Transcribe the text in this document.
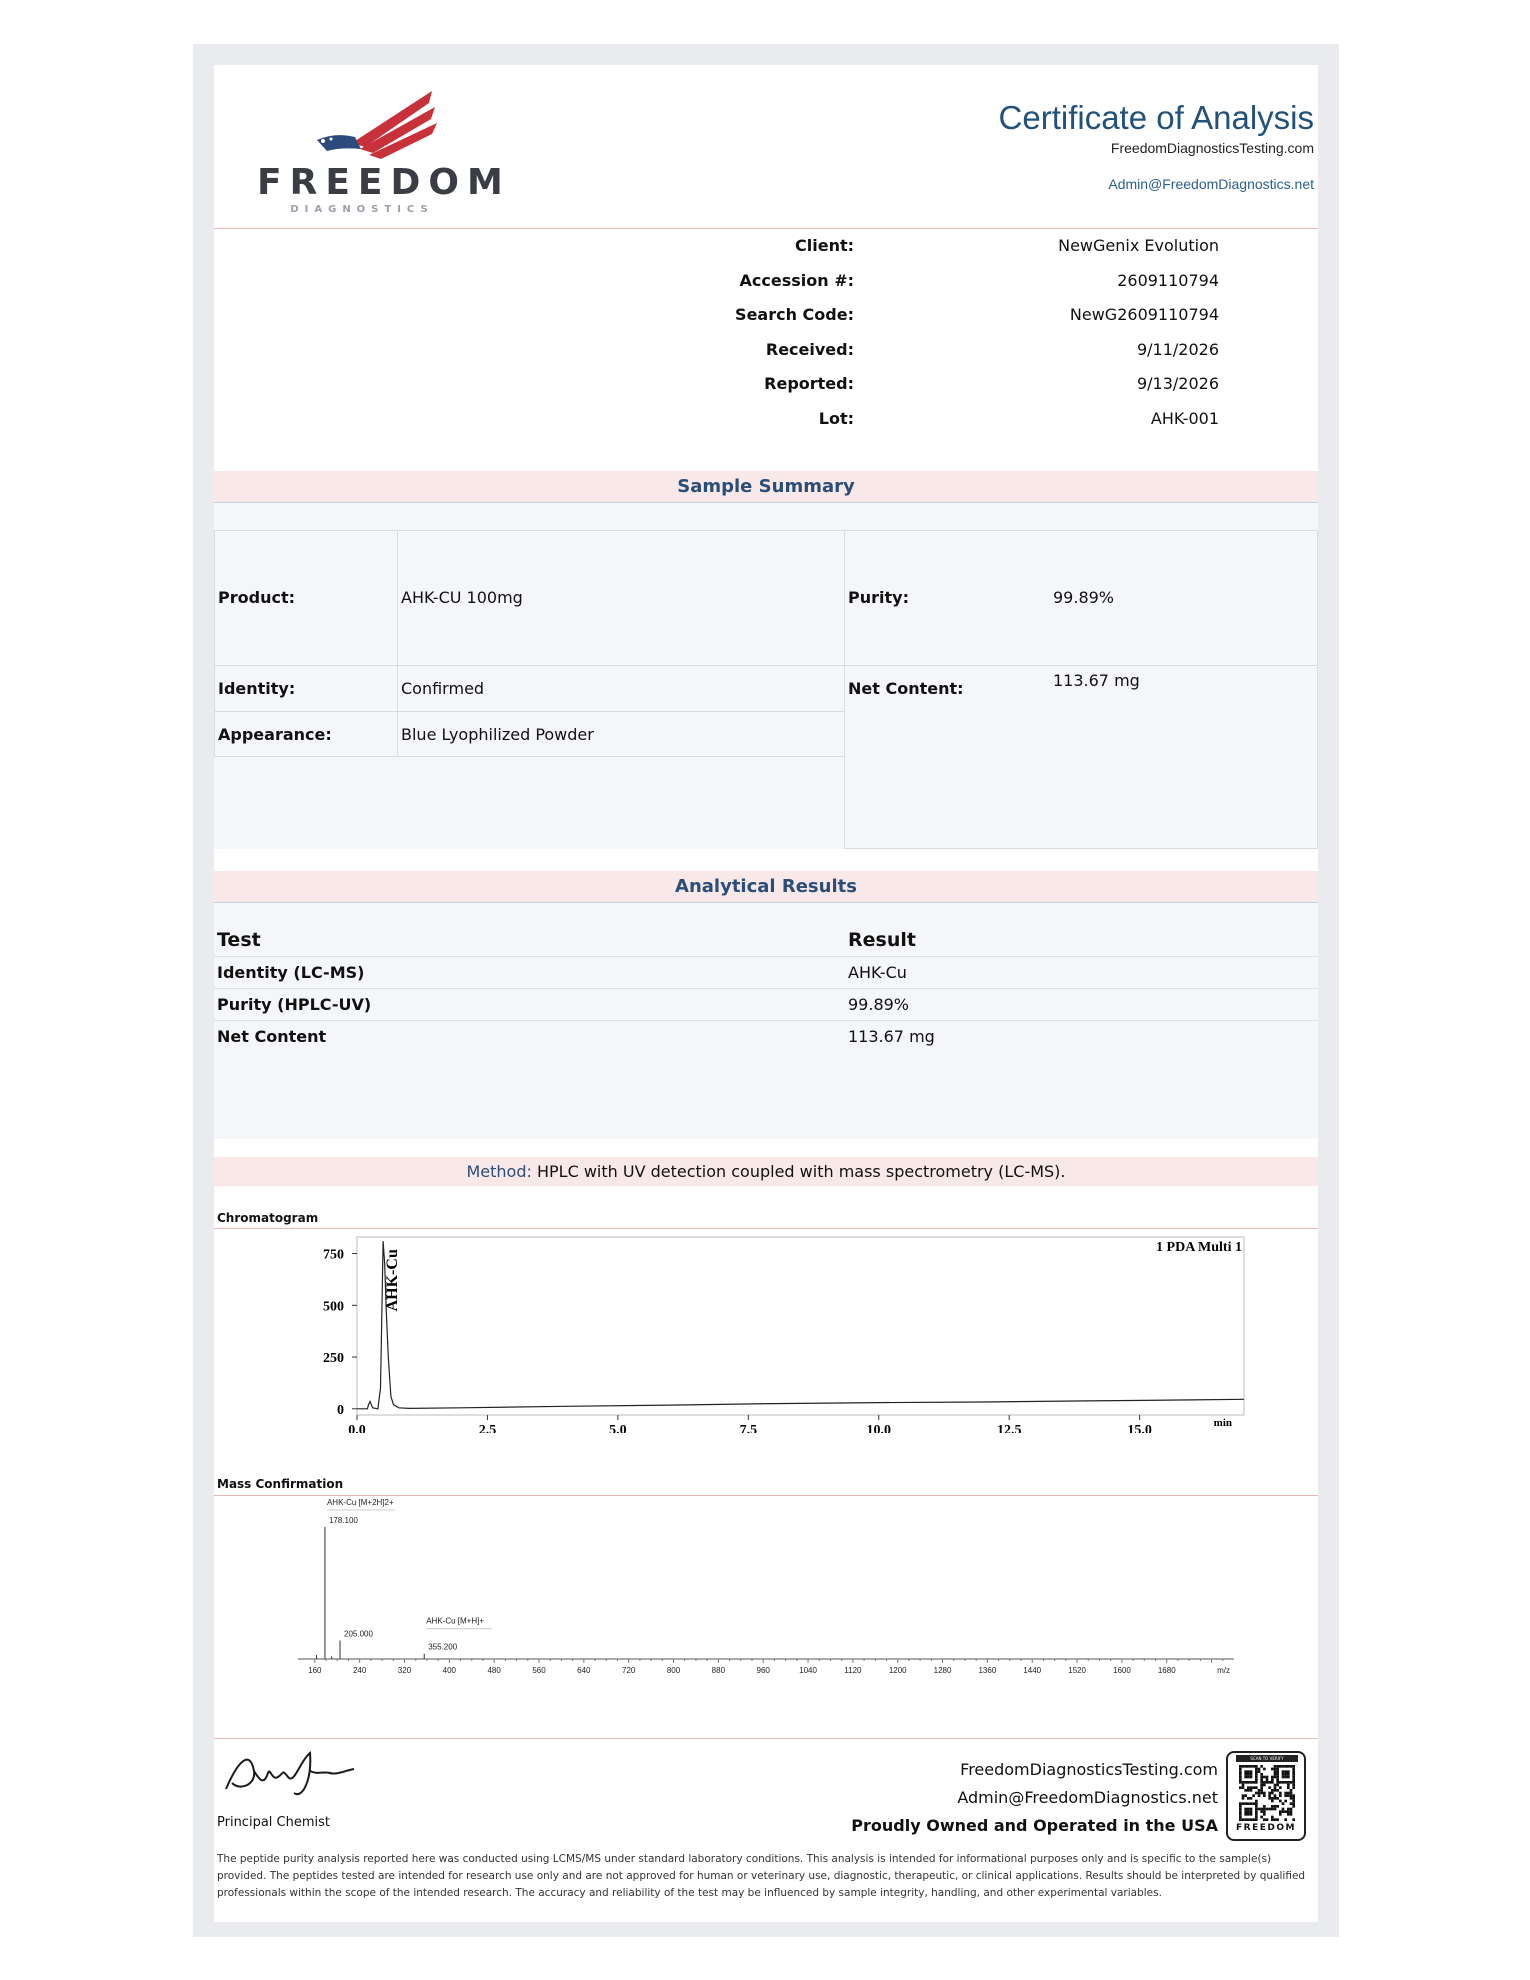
FREEDOM
DIAGNOSTICS
Certificate of Analysis
FreedomDiagnosticsTesting.com
Admin@FreedomDiagnostics.net
Client:	NewGenix Evolution
Accession #:	2609110794
Search Code:	NewG2609110794
Received:	9/11/2026
Reported:	9/13/2026
Lot:	AHK-001
Sample Summary
Product:	AHK-CU 100mg	Purity:	99.89%
Identity:	Confirmed	Net Content:	113.67 mg
Appearance:	Blue Lyophilized Powder
Analytical Results
Test	Result
Identity (LC-MS)	AHK-Cu
Purity (HPLC-UV)	99.89%
Net Content	113.67 mg
Method: HPLC with UV detection coupled with mass spectrometry (LC-MS).
Chromatogram
0
250
500
750
0.0	2.5	5.0	7.5	10.0	12.5	15.0	min
1 PDA Multi 1
AHK-Cu
Mass Confirmation
160	240	320	400	480	560	640	720	800	880	960	1040	1120	1200	1280	1360	1440	1520	1600	1680	m/z
178.100
205.000
355.200
AHK-Cu [M+2H]2+
AHK-Cu [M+H]+
Principal Chemist
FreedomDiagnosticsTesting.com
Admin@FreedomDiagnostics.net
Proudly Owned and Operated in the USA
SCAN TO VERIFY
FREEDOM
The peptide purity analysis reported here was conducted using LCMS/MS under standard laboratory conditions. This analysis is intended for informational purposes only and is specific to the sample(s) provided. The peptides tested are intended for research use only and are not approved for human or veterinary use, diagnostic, therapeutic, or clinical applications. Results should be interpreted by qualified professionals within the scope of the intended research. The accuracy and reliability of the test may be influenced by sample integrity, handling, and other experimental variables.
